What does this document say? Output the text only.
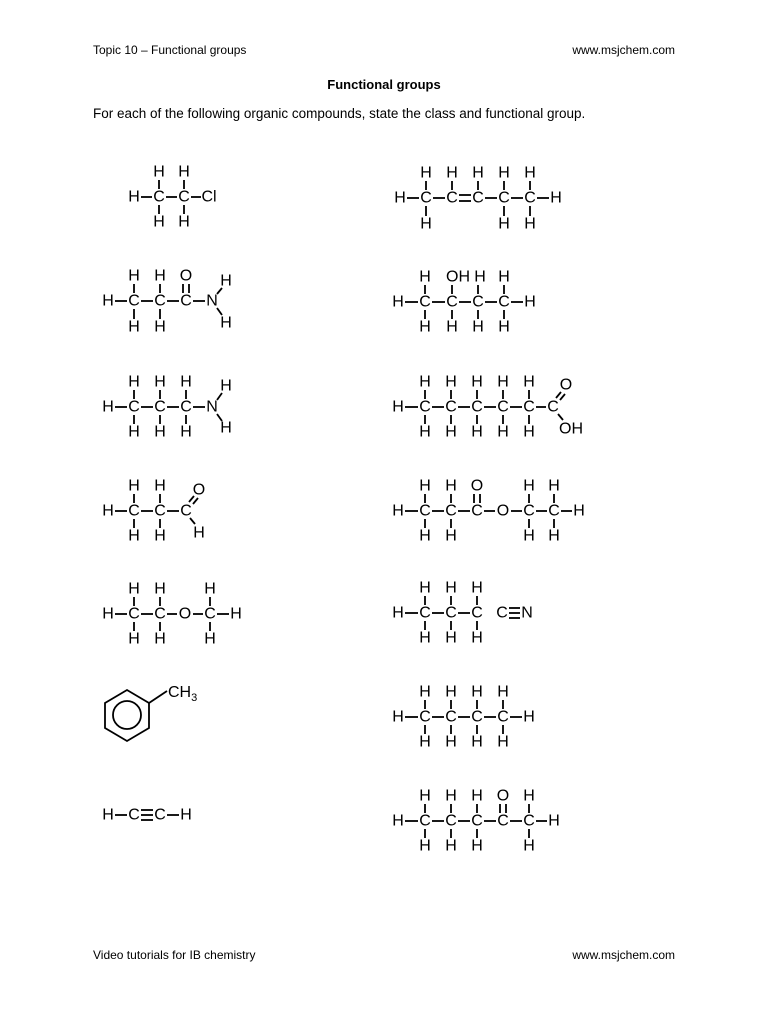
Topic 10 – Functional groups	www.msjchem.com
Functional groups
For each of the following organic compounds, state the class and functional group.
H C C Cl
H H
H H
H C C C C C H
H H H H H
H	H H
H C C C N
H H O
H H
H
H
H C C C C H
H OH H H
H H H H
H C C C N
H H H
H H H
H
H
H C C C C C C
H H H H H
H H H H H
O
OH
H C C C
H H
H H
O
H
H C C C O C C H
H H O H H
H H	H H
H C C O C H
H H H
H H H
H C C C C N
H H H
H H H
$CH_3$
H C C C C H
H H H H
H H H H
H C C H	H C C C C C H
H H H O H
H H H	H
Video tutorials for IB chemistry	www.msjchem.com
